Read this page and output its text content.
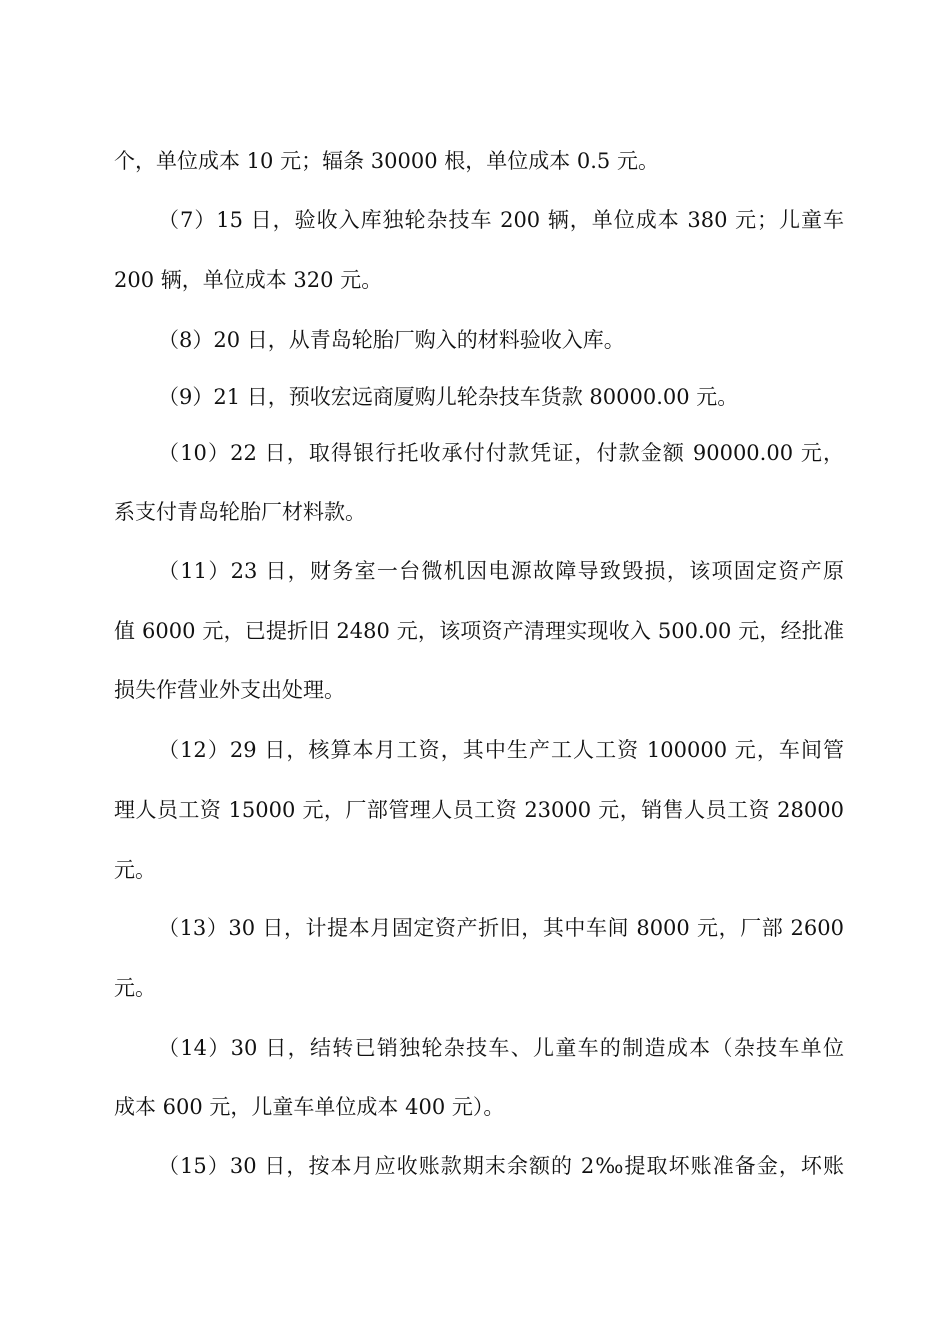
个，单位成本 10 元；辐条 30000 根，单位成本 0.5 元。
（7）15 日，验收入库独轮杂技车 200 辆，单位成本 380 元；儿童车
200 辆，单位成本 320 元。
（8）20 日，从青岛轮胎厂购入的材料验收入库。
（9）21 日，预收宏远商厦购儿轮杂技车货款 80000.00 元。
（10）22 日，取得银行托收承付付款凭证，付款金额 90000.00 元，
系支付青岛轮胎厂材料款。
（11）23 日，财务室一台微机因电源故障导致毁损，该项固定资产原
值 6000 元，已提折旧 2480 元，该项资产清理实现收入 500.00 元，经批准
损失作营业外支出处理。
（12）29 日，核算本月工资，其中生产工人工资 100000 元，车间管
理人员工资 15000 元，厂部管理人员工资 23000 元，销售人员工资 28000
元。
（13）30 日，计提本月固定资产折旧，其中车间 8000 元，厂部 2600
元。
（14）30 日，结转已销独轮杂技车、儿童车的制造成本（杂技车单位
成本 600 元，儿童车单位成本 400 元）。
（15）30 日，按本月应收账款期末余额的 2‰提取坏账准备金，坏账
